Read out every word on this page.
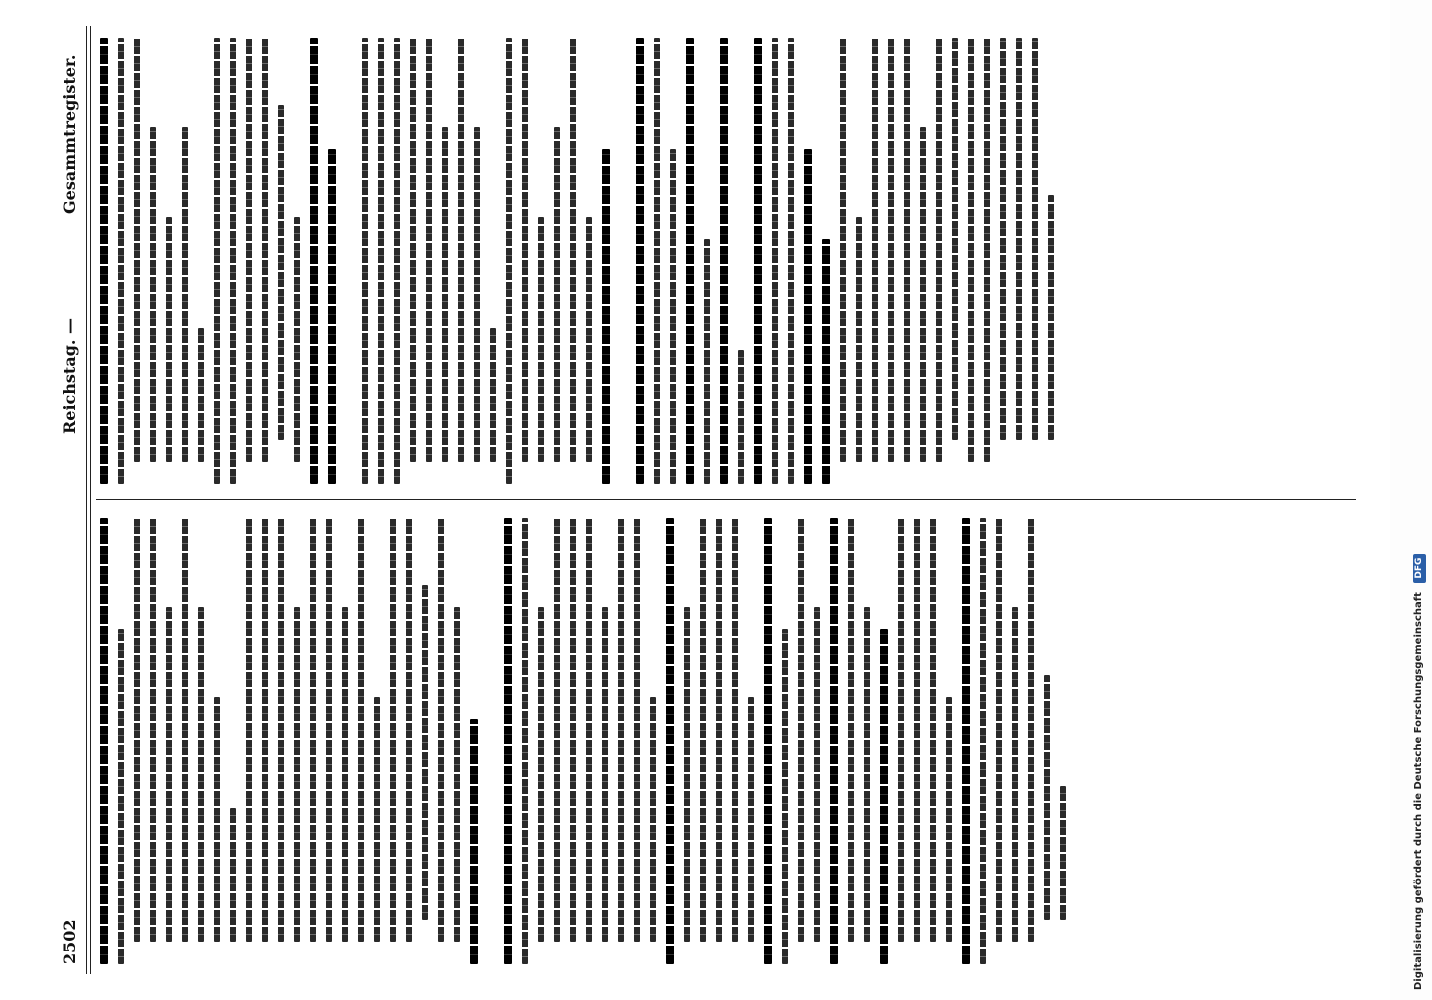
2502
Reichstag. —
Gesammtregister.
Digitalisierung gefördert durch die Deutsche Forschungsgemeinschaft DFG
